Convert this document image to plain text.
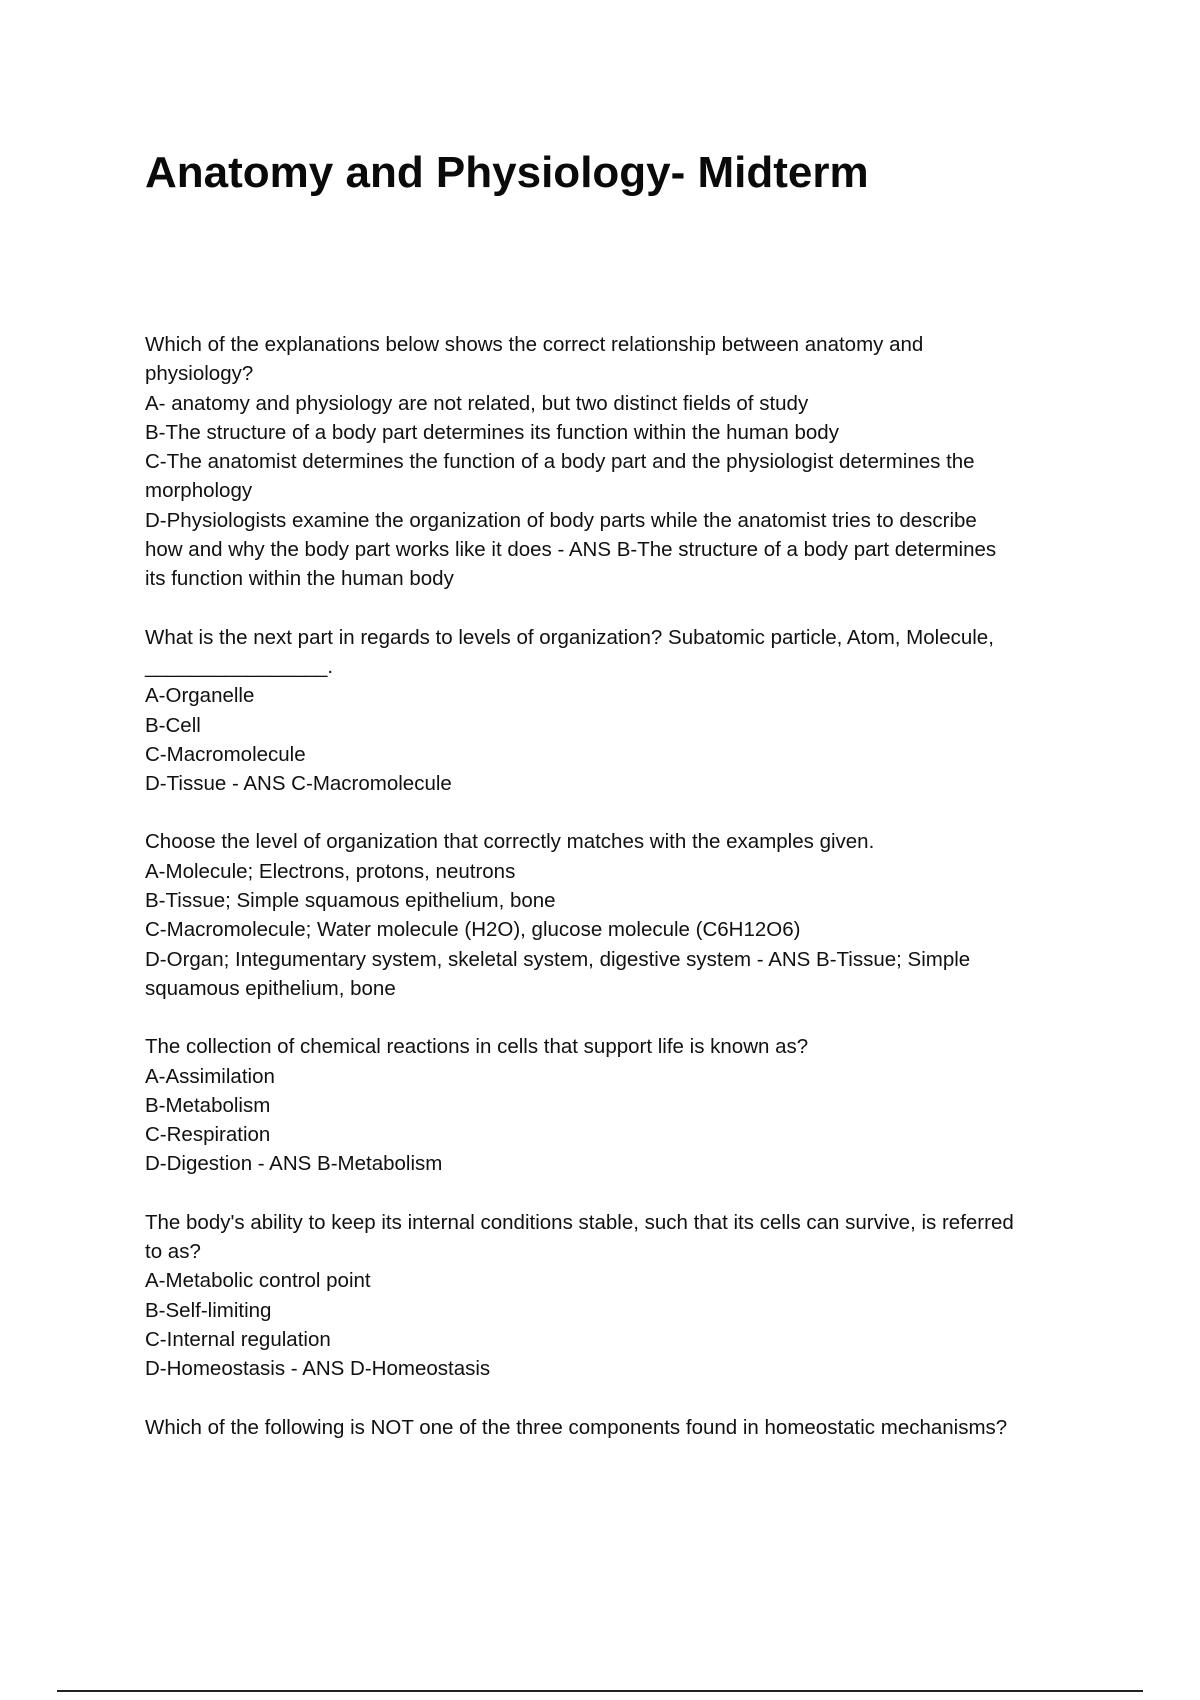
Anatomy and Physiology- Midterm
Which of the explanations below shows the correct relationship between anatomy and
physiology?
A- anatomy and physiology are not related, but two distinct fields of study
B-The structure of a body part determines its function within the human body
C-The anatomist determines the function of a body part and the physiologist determines the
morphology
D-Physiologists examine the organization of body parts while the anatomist tries to describe
how and why the body part works like it does - ANS B-The structure of a body part determines
its function within the human body
What is the next part in regards to levels of organization? Subatomic particle, Atom, Molecule,
________________.
A-Organelle
B-Cell
C-Macromolecule
D-Tissue - ANS C-Macromolecule
Choose the level of organization that correctly matches with the examples given.
A-Molecule; Electrons, protons, neutrons
B-Tissue; Simple squamous epithelium, bone
C-Macromolecule; Water molecule (H2O), glucose molecule (C6H12O6)
D-Organ; Integumentary system, skeletal system, digestive system - ANS B-Tissue; Simple
squamous epithelium, bone
The collection of chemical reactions in cells that support life is known as?
A-Assimilation
B-Metabolism
C-Respiration
D-Digestion - ANS B-Metabolism
The body's ability to keep its internal conditions stable, such that its cells can survive, is referred
to as?
A-Metabolic control point
B-Self-limiting
C-Internal regulation
D-Homeostasis - ANS D-Homeostasis
Which of the following is NOT one of the three components found in homeostatic mechanisms?
